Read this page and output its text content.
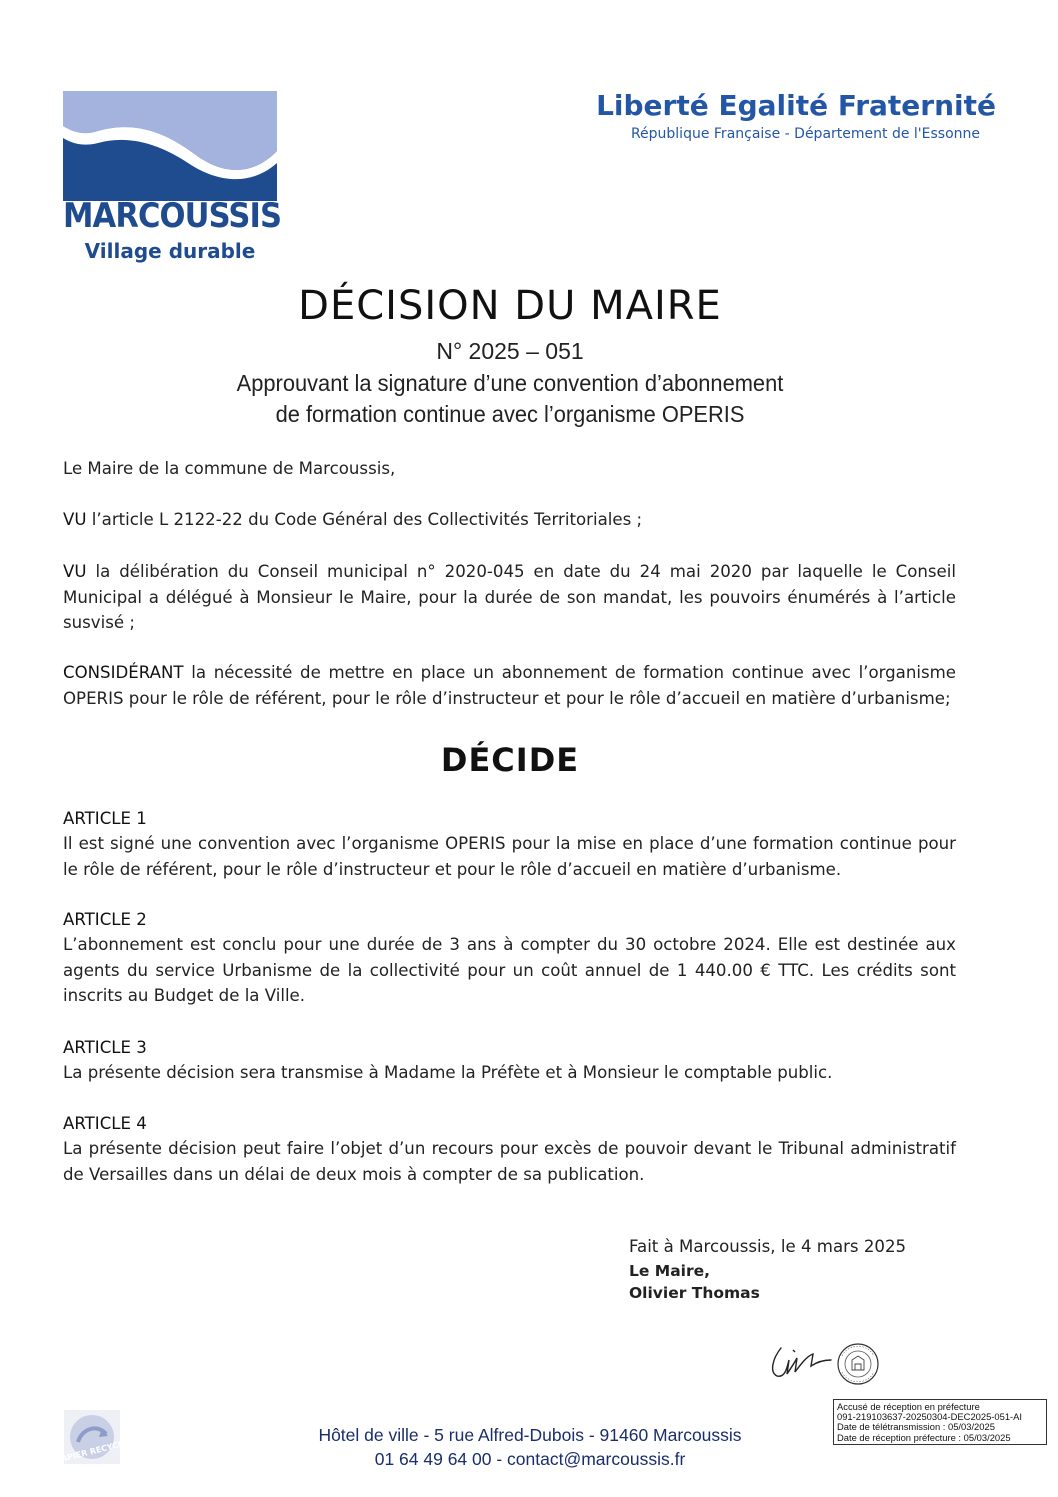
MARCOUSSIS
Village durable
Liberté Egalité Fraternité
République Française - Département de l'Essonne
DÉCISION DU MAIRE
N° 2025 – 051
Approuvant la signature d’une convention d’abonnement
de formation continue avec l’organisme OPERIS
Le Maire de la commune de Marcoussis,
VU l’article L 2122-22 du Code Général des Collectivités Territoriales ;
VU la délibération du Conseil municipal n° 2020-045 en date du 24 mai 2020 par laquelle le Conseil Municipal a délégué à Monsieur le Maire, pour la durée de son mandat, les pouvoirs énumérés à l’article susvisé ;
CONSIDÉRANT la nécessité de mettre en place un abonnement de formation continue avec l’organisme OPERIS pour le rôle de référent, pour le rôle d’instructeur et pour le rôle d’accueil en matière d’urbanisme;
DÉCIDE
ARTICLE 1
Il est signé une convention avec l’organisme OPERIS pour la mise en place d’une formation continue pour le rôle de référent, pour le rôle d’instructeur et pour le rôle d’accueil en matière d’urbanisme.
ARTICLE 2
L’abonnement est conclu pour une durée de 3 ans à compter du 30 octobre 2024. Elle est destinée aux agents du service Urbanisme de la collectivité pour un coût annuel de 1 440.00 € TTC. Les crédits sont inscrits au Budget de la Ville.
ARTICLE 3
La présente décision sera transmise à Madame la Préfète et à Monsieur le comptable public.
ARTICLE 4
La présente décision peut faire l’objet d’un recours pour excès de pouvoir devant le Tribunal administratif de Versailles dans un délai de deux mois à compter de sa publication.
Fait à Marcoussis, le 4 mars 2025
Le Maire,
Olivier Thomas
Accusé de réception en préfecture
091-219103637-20250304-DEC2025-051-AI
Date de télétransmission : 05/03/2025
Date de réception préfecture : 05/03/2025
PAPIER RECYCLÉ
Hôtel de ville - 5 rue Alfred-Dubois - 91460 Marcoussis
01 64 49 64 00 - contact@marcoussis.fr
